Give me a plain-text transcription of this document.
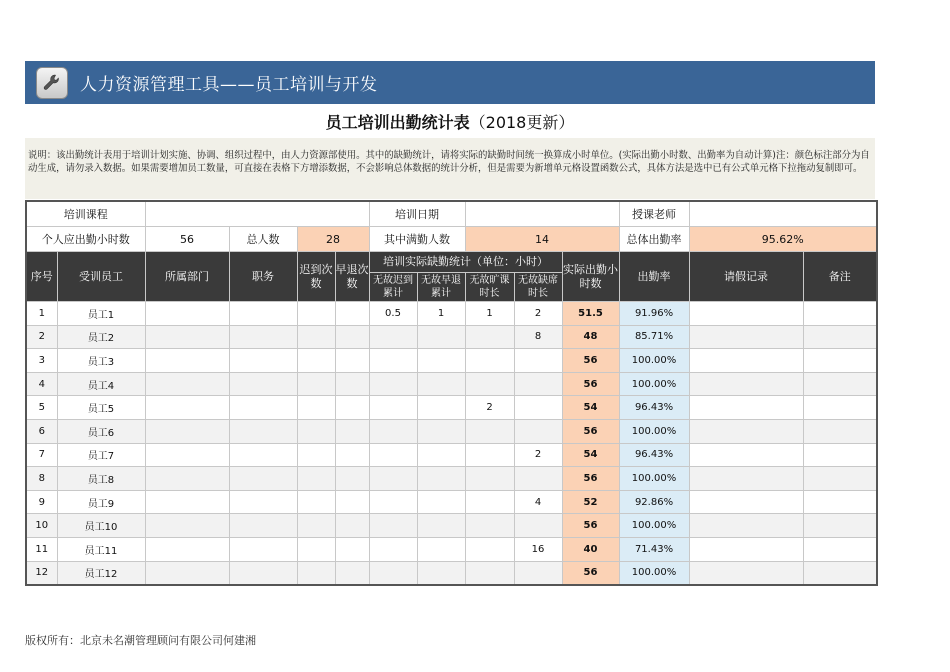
人力资源管理工具——员工培训与开发
员工培训出勤统计表（2018更新）
说明：该出勤统计表用于培训计划实施、协调、组织过程中，由人力资源部使用。其中的缺勤统计，请将实际的缺勤时间统一换算成小时单位。(实际出勤小时数、出勤率为自动计算)注：颜色标注部分为自动生成，请勿录入数据。如果需要增加员工数量，可直接在表格下方增添数据，不会影响总体数据的统计分析，但是需要为新增单元格设置函数公式，具体方法是选中已有公式单元格下拉拖动复制即可。
培训课程						培训日期					授课老师		
个人应出勤小时数		56	总人数	28		其中满勤人数		14			总体出勤率	95.62%	
序号	受训员工	所属部门	职务	迟到次数	早退次数	培训实际缺勤统计（单位：小时）				实际出勤小时数	出勤率	请假记录	备注
						无故迟到累计	无故早退累计	无故旷课时长	无故缺席时长				
1	员工1					0.5	1	1	2	51.5	91.96%		
2	员工2								8	48	85.71%		
3	员工3									56	100.00%		
4	员工4									56	100.00%		
5	员工5							2		54	96.43%		
6	员工6									56	100.00%		
7	员工7								2	54	96.43%		
8	员工8									56	100.00%		
9	员工9								4	52	92.86%		
10	员工10									56	100.00%		
11	员工11								16	40	71.43%		
12	员工12									56	100.00%		
版权所有：北京未名潮管理顾问有限公司何建湘
